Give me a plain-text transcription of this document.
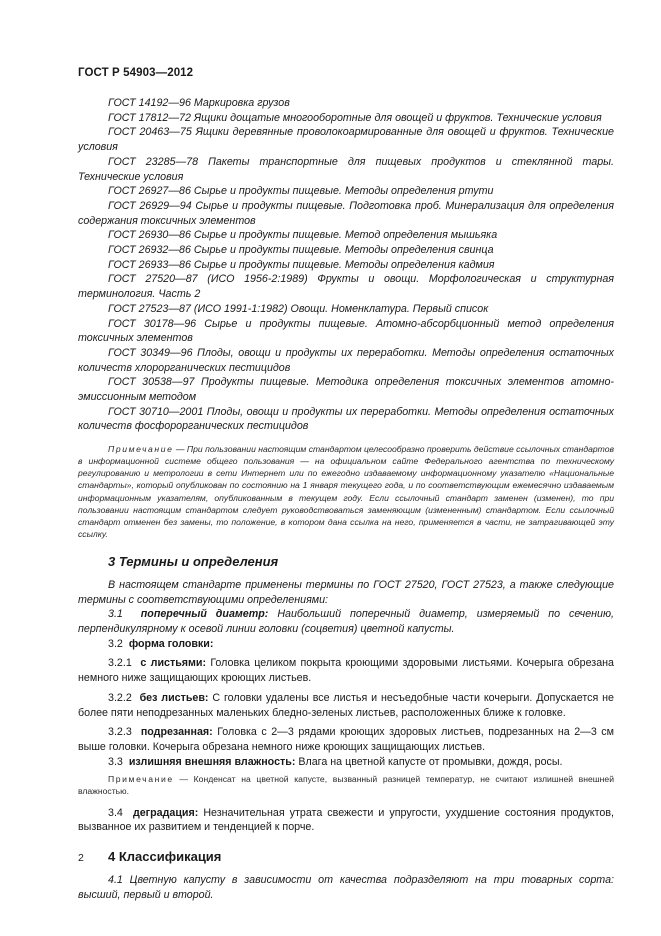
ГОСТ Р 54903—2012

ГОСТ 14192—96 Маркировка грузов

ГОСТ 17812—72 Ящики дощатые многооборотные для овощей и фруктов. Технические условия

ГОСТ 20463—75 Ящики деревянные проволокоармированные для овощей и фруктов. Технические условия

ГОСТ 23285—78 Пакеты транспортные для пищевых продуктов и стеклянной тары. Технические условия

ГОСТ 26927—86 Сырье и продукты пищевые. Методы определения ртути

ГОСТ 26929—94 Сырье и продукты пищевые. Подготовка проб. Минерализация для определения содержания токсичных элементов

ГОСТ 26930—86 Сырье и продукты пищевые. Метод определения мышьяка

ГОСТ 26932—86 Сырье и продукты пищевые. Методы определения свинца

ГОСТ 26933—86 Сырье и продукты пищевые. Методы определения кадмия

ГОСТ 27520—87 (ИСО 1956-2:1989) Фрукты и овощи. Морфологическая и структурная терминология. Часть 2

ГОСТ 27523—87 (ИСО 1991-1:1982) Овощи. Номенклатура. Первый список

ГОСТ 30178—96 Сырье и продукты пищевые. Атомно-абсорбционный метод определения токсичных элементов

ГОСТ 30349—96 Плоды, овощи и продукты их переработки. Методы определения остаточных количеств хлорорганических пестицидов

ГОСТ 30538—97 Продукты пищевые. Методика определения токсичных элементов атомно-эмиссионным методом

ГОСТ 30710—2001 Плоды, овощи и продукты их переработки. Методы определения остаточных количеств фосфорорганических пестицидов

Примечание — При пользовании настоящим стандартом целесообразно проверить действие ссылочных стандартов в информационной системе общего пользования — на официальном сайте Федерального агентства по техническому регулированию и метрологии в сети Интернет или по ежегодно издаваемому информационному указателю «Национальные стандарты», который опубликован по состоянию на 1 января текущего года, и по соответствующим ежемесячно издаваемым информационным указателям, опубликованным в текущем году. Если ссылочный стандарт заменен (изменен), то при пользовании настоящим стандартом следует руководствоваться заменяющим (измененным) стандартом. Если ссылочный стандарт отменен без замены, то положение, в котором дана ссылка на него, применяется в части, не затрагивающей эту ссылку.

3 Термины и определения

В настоящем стандарте применены термины по ГОСТ 27520, ГОСТ 27523, а также следующие термины с соответствующими определениями:

3.1 поперечный диаметр: Наибольший поперечный диаметр, измеряемый по сечению, перпендикулярному к осевой линии головки (соцветия) цветной капусты.

3.2 форма головки:

3.2.1 с листьями: Головка целиком покрыта кроющими здоровыми листьями. Кочерыга обрезана немного ниже защищающих кроющих листьев.

3.2.2 без листьев: С головки удалены все листья и несъедобные части кочерыги. Допускается не более пяти неподрезанных маленьких бледно-зеленых листьев, расположенных ближе к головке.

3.2.3 подрезанная: Головка с 2—3 рядами кроющих здоровых листьев, подрезанных на 2—3 см выше головки. Кочерыга обрезана немного ниже кроющих защищающих листьев.

3.3 излишняя внешняя влажность: Влага на цветной капусте от промывки, дождя, росы.

Примечание — Конденсат на цветной капусте, вызванный разницей температур, не считают излишней внешней влажностью.

3.4 деградация: Незначительная утрата свежести и упругости, ухудшение состояния продуктов, вызванное их развитием и тенденцией к порче.

4 Классификация

4.1 Цветную капусту в зависимости от качества подразделяют на три товарных сорта: высший, первый и второй.

2
